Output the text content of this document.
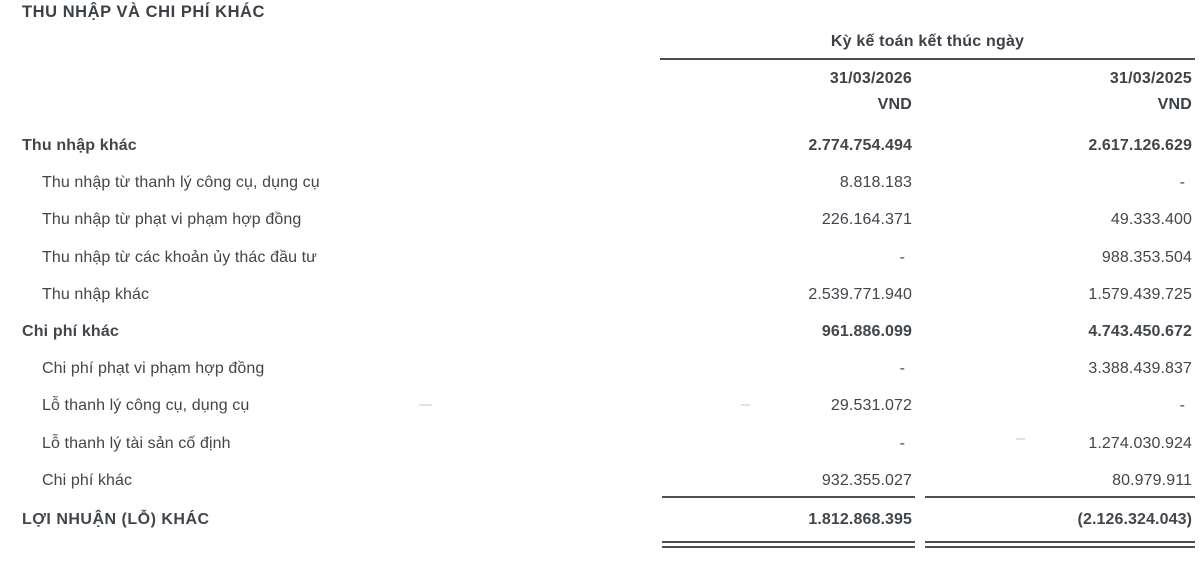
THU NHẬP VÀ CHI PHÍ KHÁC
Kỳ kế toán kết thúc ngày
31/03/2026	31/03/2025
VND	VND
Thu nhập khác	2.774.754.494	2.617.126.629
Thu nhập từ thanh lý công cụ, dụng cụ	8.818.183	-
Thu nhập từ phạt vi phạm hợp đồng	226.164.371	49.333.400
Thu nhập từ các khoản ủy thác đầu tư	-	988.353.504
Thu nhập khác	2.539.771.940	1.579.439.725
Chi phí khác	961.886.099	4.743.450.672
Chi phí phạt vi phạm hợp đồng	-	3.388.439.837
Lỗ thanh lý công cụ, dụng cụ	29.531.072	-
Lỗ thanh lý tài sản cố định	-	1.274.030.924
Chi phí khác	932.355.027	80.979.911
LỢI NHUẬN (LỖ) KHÁC	1.812.868.395	(2.126.324.043)
